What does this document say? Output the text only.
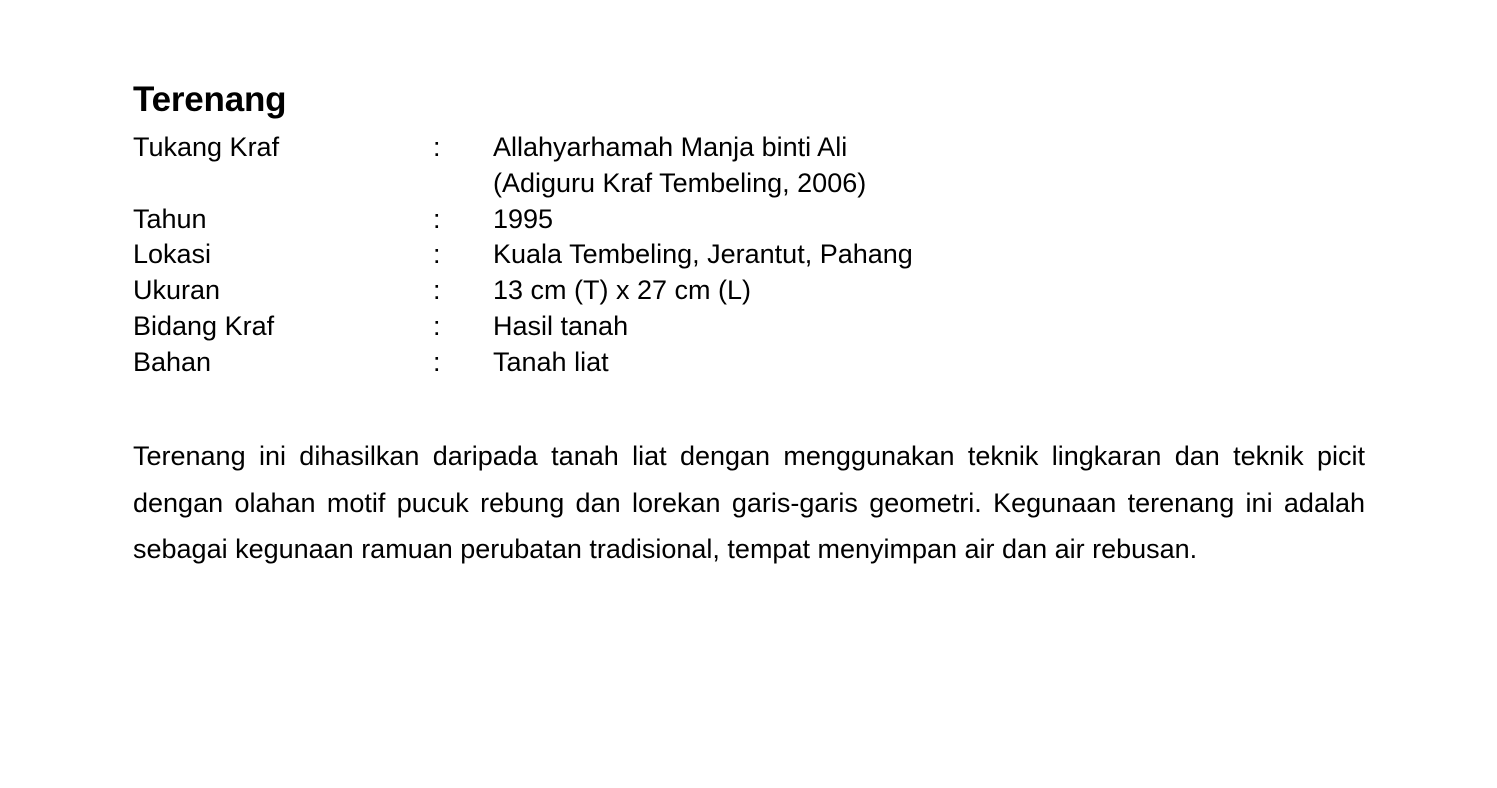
Terenang
Tukang Kraf	:	Allahyarhamah Manja binti Ali
(Adiguru Kraf Tembeling, 2006)

Tahun	:	1995
Lokasi	:	Kuala Tembeling, Jerantut, Pahang
Ukuran	:	13 cm (T) x 27 cm (L)
Bidang Kraf	:	Hasil tanah
Bahan	:	Tanah liat

Terenang ini dihasilkan daripada tanah liat dengan menggunakan teknik lingkaran dan teknik picit dengan olahan motif pucuk rebung dan lorekan garis-garis geometri. Kegunaan terenang ini adalah sebagai kegunaan ramuan perubatan tradisional, tempat menyimpan air dan air rebusan.
